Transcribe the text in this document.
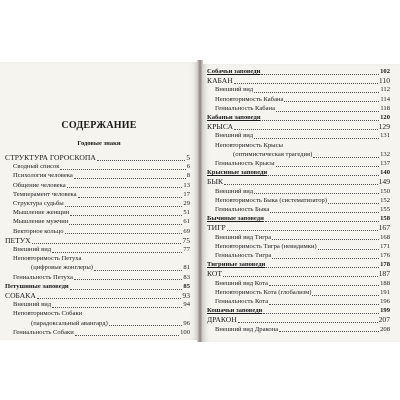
СОДЕРЖАНИЕ
Годовые знаки
СТРУКТУРА ГОРОСКОПА	5
Сводный список	6
Психология человека	8
Общение человека	13
Темперамент человека	17
Структура судьбы	29
Мышление женщин	51
Мышление мужчин	61
Векторное кольцо	69
ПЕТУХ	75
Внешний вид	77
Неповторимость Петуха
(цифровые жонглеры)	81
Гениальность Петуха	83
Петушиные заповеди	85
СОБАКА	93
Внешний вид	94
Неповторимость Собаки
(парадоксальный авангард)	96
Гениальность Собаки	100
Собачьи заповеди	102
КАБАН	110
Внешний вид	112
Неповторимость Кабана	114
Гениальность Кабана	118
Кабаньи заповеди	120
КРЫСА	129
Внешний вид	131
Неповторимость Крысы
(оптимистическая трагедия)	132
Гениальность Крысы	137
Крысиные заповеди	140
БЫК	149
Внешний вид	150
Неповторимость Быка (систематизатор)	152
Гениальность Быка	155
Бычиные заповеди	158
ТИГР	167
Внешний вид Тигра	168
Неповторимость Тигра (невидимки)	171
Гениальность Тигра	176
Тигриные заповеди	178
КОТ	187
Внешний вид Кота	188
Неповторимость Кота (глобализм)	191
Гениальность Кота	196
Кошачьи заповеди	199
ДРАКОН	207
Внешний вид Дракона	208
